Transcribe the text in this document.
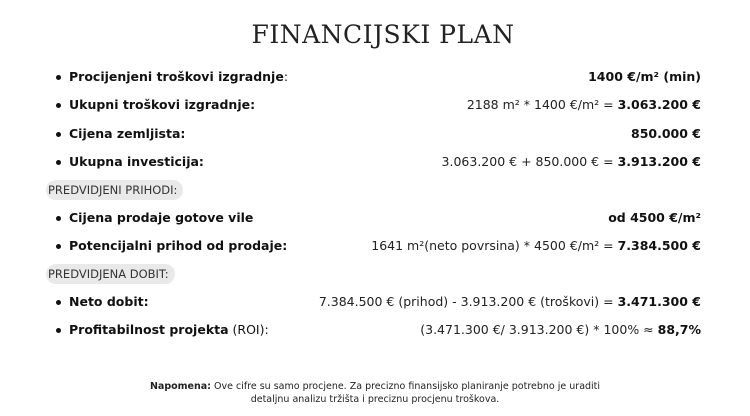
FINANCIJSKI PLAN
Procijenjeni troškovi izgradnje:	1400 €/m² (min)
Ukupni troškovi izgradnje:	2188 m² * 1400 €/m² = 3.063.200 €
Cijena zemljista:	850.000 €
Ukupna investicija:	3.063.200 € + 850.000 € = 3.913.200 €
PREDVIDJENI PRIHODI:
Cijena prodaje gotove vile	od 4500 €/m²
Potencijalni prihod od prodaje:	1641 m²(neto povrsina) * 4500 €/m² = 7.384.500 €
PREDVIDJENA DOBIT:
Neto dobit:	7.384.500 € (prihod) - 3.913.200 € (troškovi) = 3.471.300 €
Profitabilnost projekta (ROI):	(3.471.300 €/ 3.913.200 €) * 100% ≈ 88,7%
Napomena: Ove cifre su samo procjene. Za precizno finansijsko planiranje potrebno je uraditi
detaljnu analizu tržišta i preciznu procjenu troškova.
